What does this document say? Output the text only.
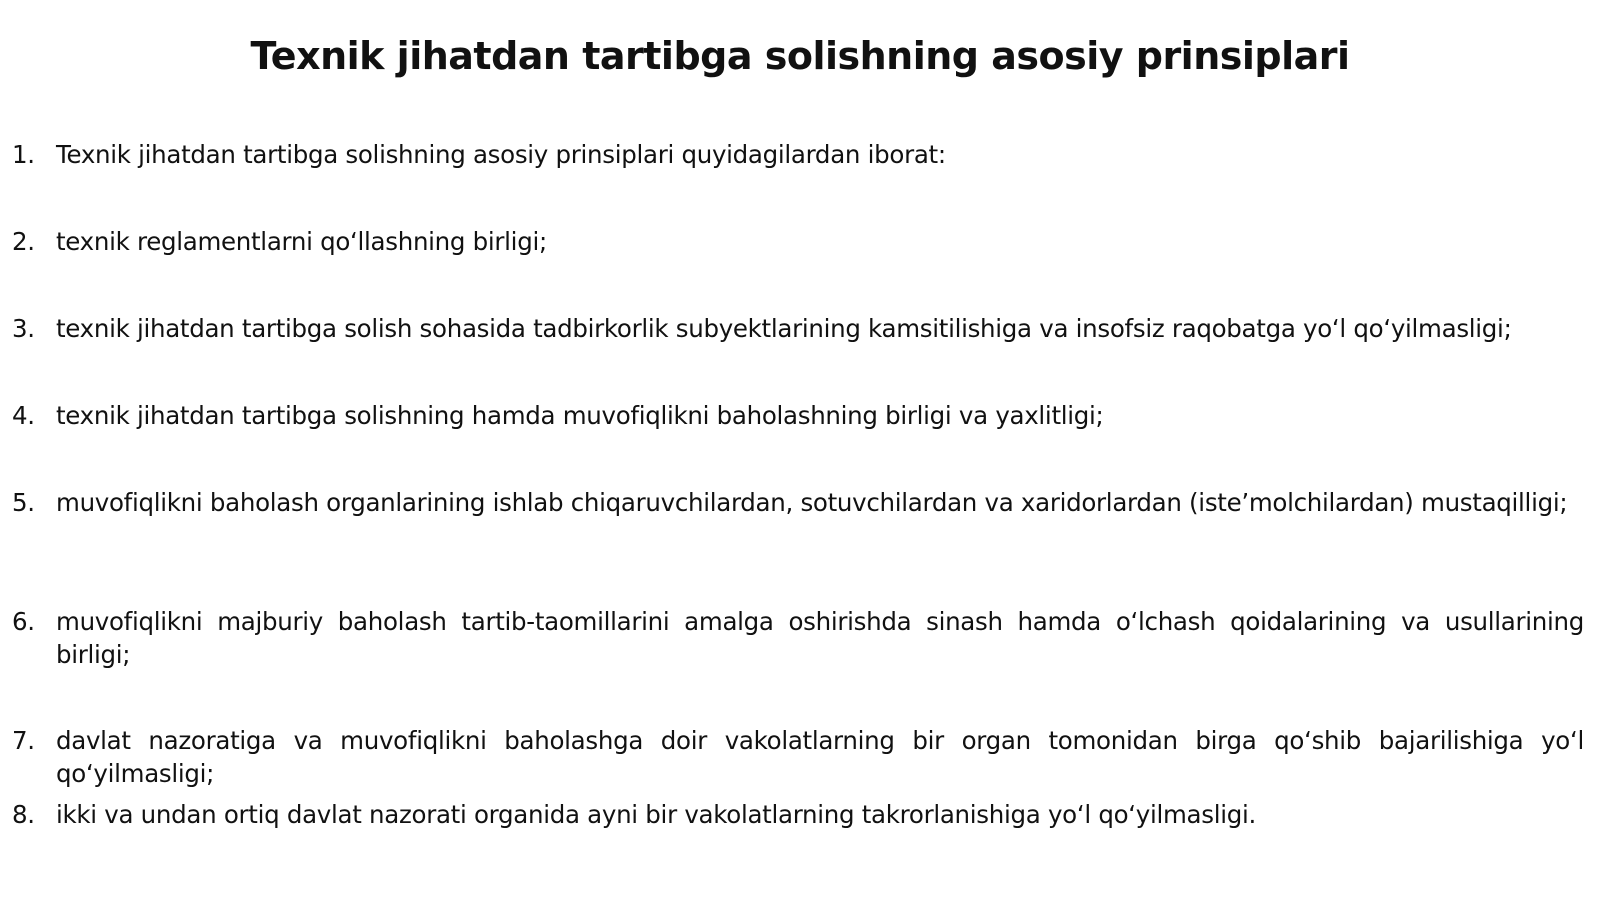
Texnik jihatdan tartibga solishning asosiy prinsiplari
1. Texnik jihatdan tartibga solishning asosiy prinsiplari quyidagilardan iborat:
2. texnik reglamentlarni qo‘llashning birligi;
3. texnik jihatdan tartibga solish sohasida tadbirkorlik subyektlarining kamsitilishiga va insofsiz raqobatga yo‘l qo‘yilmasligi;
4. texnik jihatdan tartibga solishning hamda muvofiqlikni baholashning birligi va yaxlitligi;
5. muvofiqlikni baholash organlarining ishlab chiqaruvchilardan, sotuvchilardan va xaridorlardan (iste’molchilardan) mustaqilligi;
6. muvofiqlikni majburiy baholash tartib-taomillarini amalga oshirishda sinash hamda o‘lchash qoidalarining va usullarining birligi;
7. davlat nazoratiga va muvofiqlikni baholashga doir vakolatlarning bir organ tomonidan birga qo‘shib bajarilishiga yo‘l qo‘yilmasligi;
8. ikki va undan ortiq davlat nazorati organida ayni bir vakolatlarning takrorlanishiga yo‘l qo‘yilmasligi.
